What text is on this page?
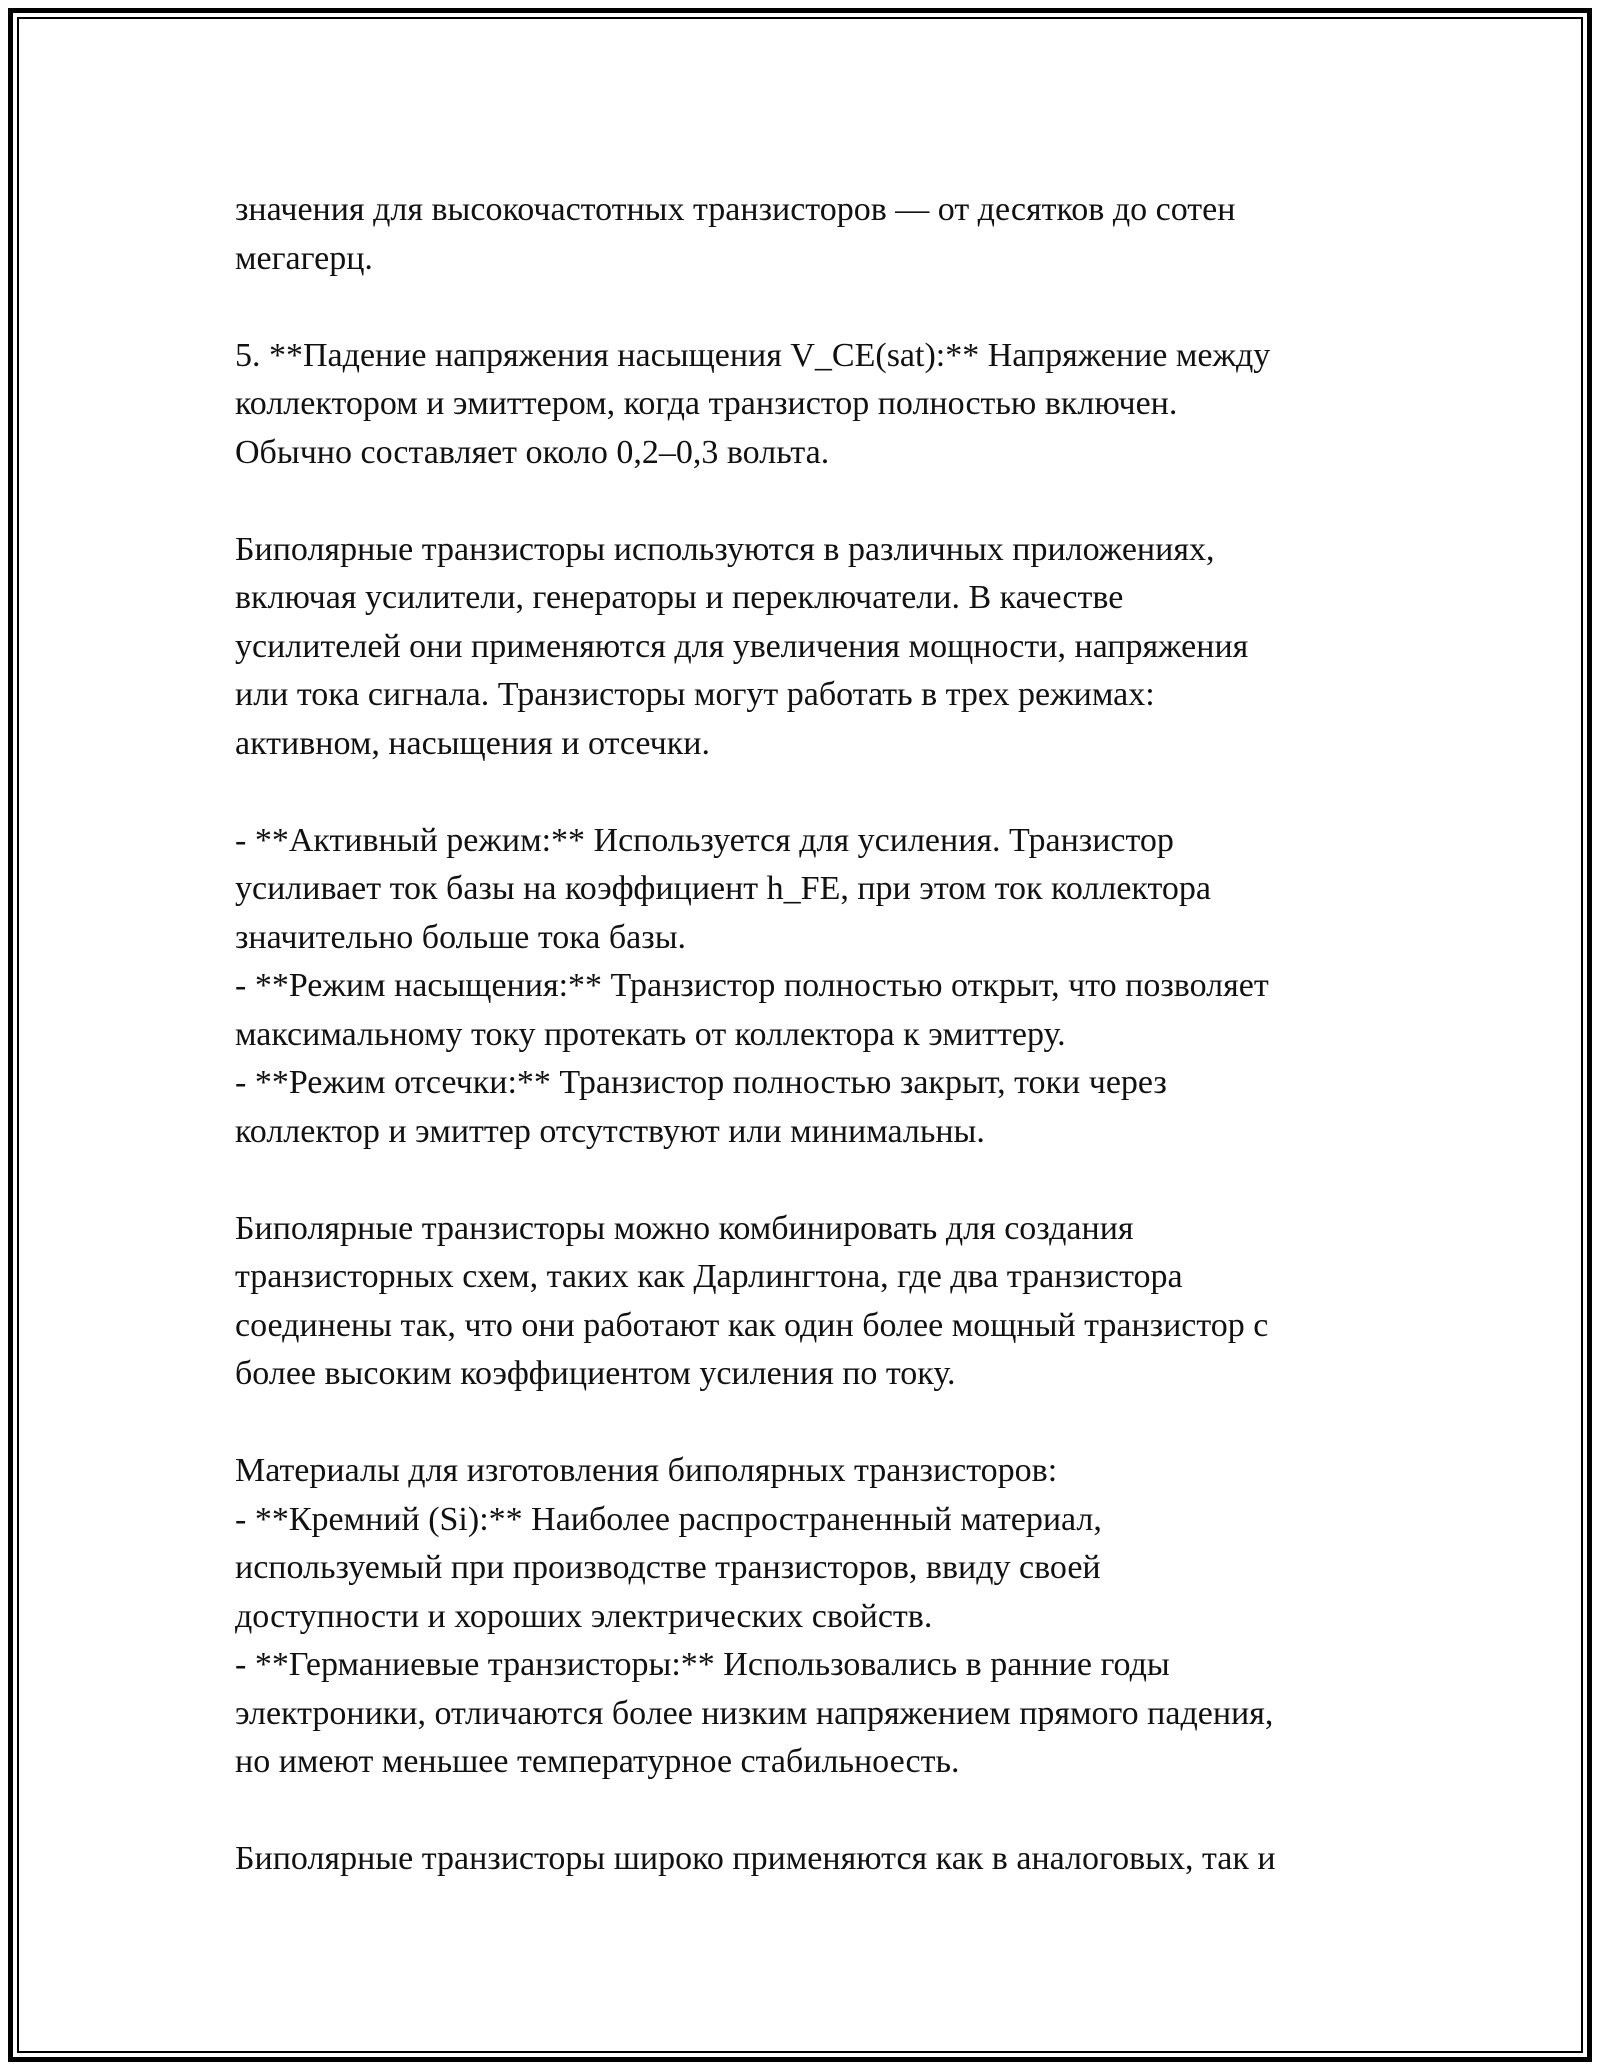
значения для высокочастотных транзисторов — от десятков до сотен
мегагерц.
5. **Падение напряжения насыщения V_CE(sat):** Напряжение между
коллектором и эмиттером, когда транзистор полностью включен.
Обычно составляет около 0,2–0,3 вольта.
Биполярные транзисторы используются в различных приложениях,
включая усилители, генераторы и переключатели. В качестве
усилителей они применяются для увеличения мощности, напряжения
или тока сигнала. Транзисторы могут работать в трех режимах:
активном, насыщения и отсечки.
- **Активный режим:** Используется для усиления. Транзистор
усиливает ток базы на коэффициент h_FE, при этом ток коллектора
значительно больше тока базы.
- **Режим насыщения:** Транзистор полностью открыт, что позволяет
максимальному току протекать от коллектора к эмиттеру.
- **Режим отсечки:** Транзистор полностью закрыт, токи через
коллектор и эмиттер отсутствуют или минимальны.
Биполярные транзисторы можно комбинировать для создания
транзисторных схем, таких как Дарлингтона, где два транзистора
соединены так, что они работают как один более мощный транзистор с
более высоким коэффициентом усиления по току.
Материалы для изготовления биполярных транзисторов:
- **Кремний (Si):** Наиболее распространенный материал,
используемый при производстве транзисторов, ввиду своей
доступности и хороших электрических свойств.
- **Германиевые транзисторы:** Использовались в ранние годы
электроники, отличаются более низким напряжением прямого падения,
но имеют меньшее температурное стабильноесть.
Биполярные транзисторы широко применяются как в аналоговых, так и
